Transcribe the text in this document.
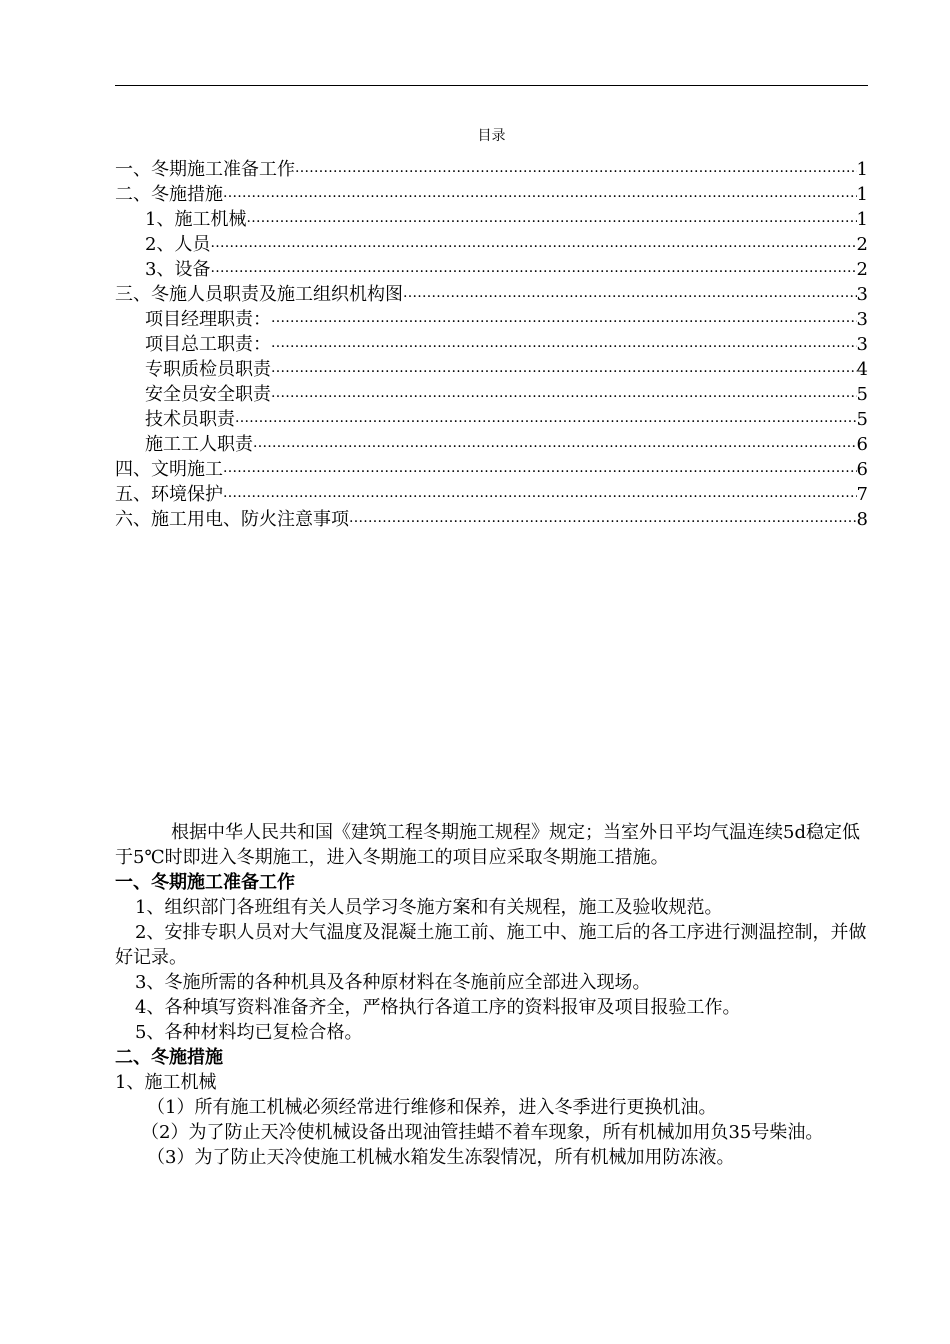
目录
一、冬期施工准备工作 .....	1
二、冬施措施 .....	1
1、施工机械 .....	1
2、人员 .....	2
3、设备 .....	2
三、冬施人员职责及施工组织机构图 .....	3
项目经理职责： .....	3
项目总工职责： .....	3
专职质检员职责 .....	4
安全员安全职责 .....	5
技术员职责 .....	5
施工工人职责 .....	6
四、文明施工 .....	6
五、环境保护 .....	7
六、施工用电、防火注意事项 .....	8

根据中华人民共和国《建筑工程冬期施工规程》规定；当室外日平均气温连续5d稳定低于5℃时即进入冬期施工，进入冬期施工的项目应采取冬期施工措施。

一、冬期施工准备工作

1、组织部门各班组有关人员学习冬施方案和有关规程，施工及验收规范。

2、安排专职人员对大气温度及混凝土施工前、施工中、施工后的各工序进行测温控制，并做好记录。

3、冬施所需的各种机具及各种原材料在冬施前应全部进入现场。

4、各种填写资料准备齐全，严格执行各道工序的资料报审及项目报验工作。

5、各种材料均已复检合格。

二、冬施措施

1、施工机械

（1）所有施工机械必须经常进行维修和保养，进入冬季进行更换机油。

（2）为了防止天冷使机械设备出现油管挂蜡不着车现象，所有机械加用负35号柴油。

（3）为了防止天冷使施工机械水箱发生冻裂情况，所有机械加用防冻液。
